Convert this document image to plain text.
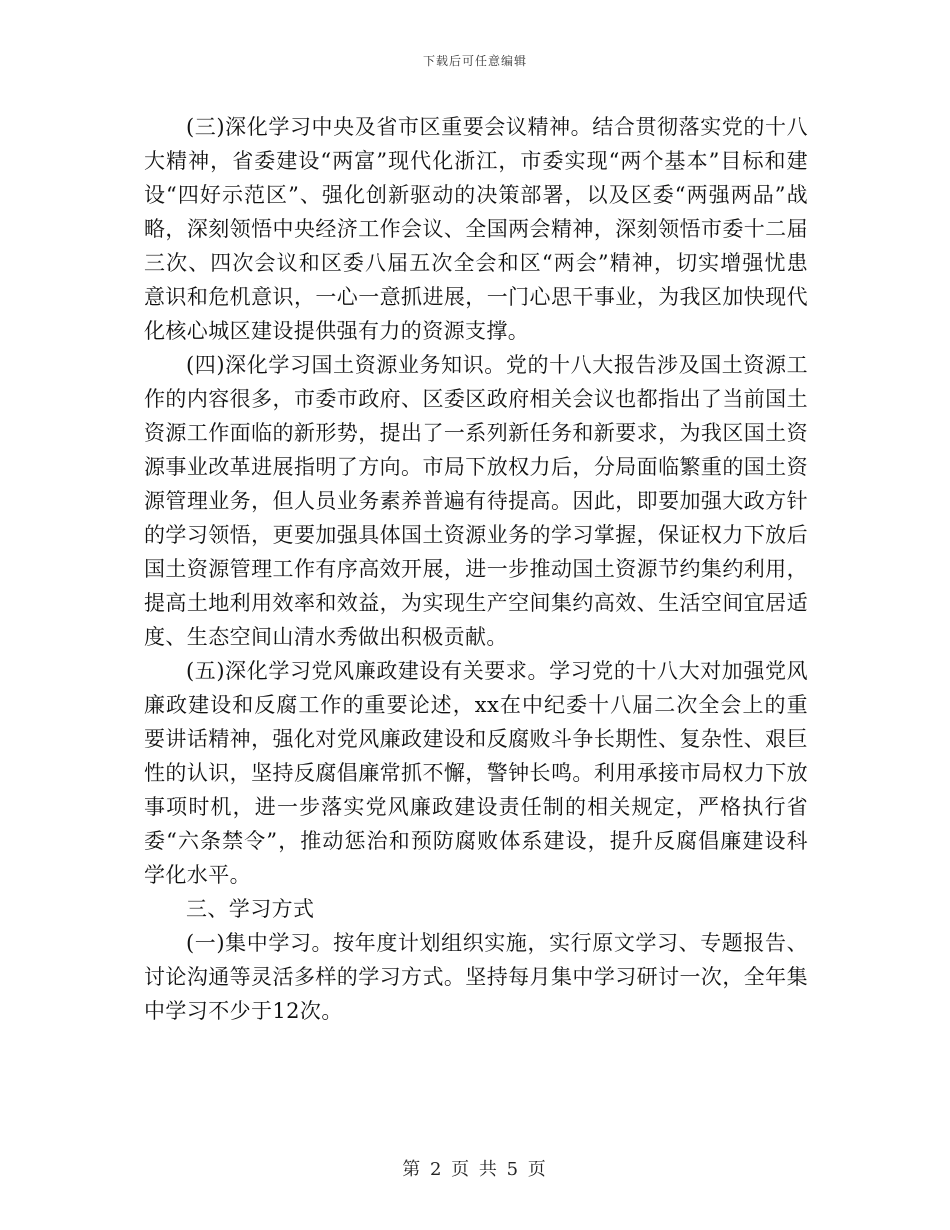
下载后可任意编辑

(三)深化学习中央及省市区重要会议精神。结合贯彻落实党的十八大精神，省委建设“两富”现代化浙江，市委实现“两个基本”目标和建设“四好示范区”、强化创新驱动的决策部署，以及区委“两强两品”战略，深刻领悟中央经济工作会议、全国两会精神，深刻领悟市委十二届三次、四次会议和区委八届五次全会和区“两会”精神，切实增强忧患意识和危机意识，一心一意抓进展，一门心思干事业，为我区加快现代化核心城区建设提供强有力的资源支撑。

(四)深化学习国土资源业务知识。党的十八大报告涉及国土资源工作的内容很多，市委市政府、区委区政府相关会议也都指出了当前国土资源工作面临的新形势，提出了一系列新任务和新要求，为我区国土资源事业改革进展指明了方向。市局下放权力后，分局面临繁重的国土资源管理业务，但人员业务素养普遍有待提高。因此，即要加强大政方针的学习领悟，更要加强具体国土资源业务的学习掌握，保证权力下放后国土资源管理工作有序高效开展，进一步推动国土资源节约集约利用，提高土地利用效率和效益，为实现生产空间集约高效、生活空间宜居适度、生态空间山清水秀做出积极贡献。

(五)深化学习党风廉政建设有关要求。学习党的十八大对加强党风廉政建设和反腐工作的重要论述，xx在中纪委十八届二次全会上的重要讲话精神，强化对党风廉政建设和反腐败斗争长期性、复杂性、艰巨性的认识，坚持反腐倡廉常抓不懈，警钟长鸣。利用承接市局权力下放事项时机，进一步落实党风廉政建设责任制的相关规定，严格执行省委“六条禁令”，推动惩治和预防腐败体系建设，提升反腐倡廉建设科学化水平。

三、学习方式

(一)集中学习。按年度计划组织实施，实行原文学习、专题报告、讨论沟通等灵活多样的学习方式。坚持每月集中学习研讨一次，全年集中学习不少于12次。

第 2 页 共 5 页
